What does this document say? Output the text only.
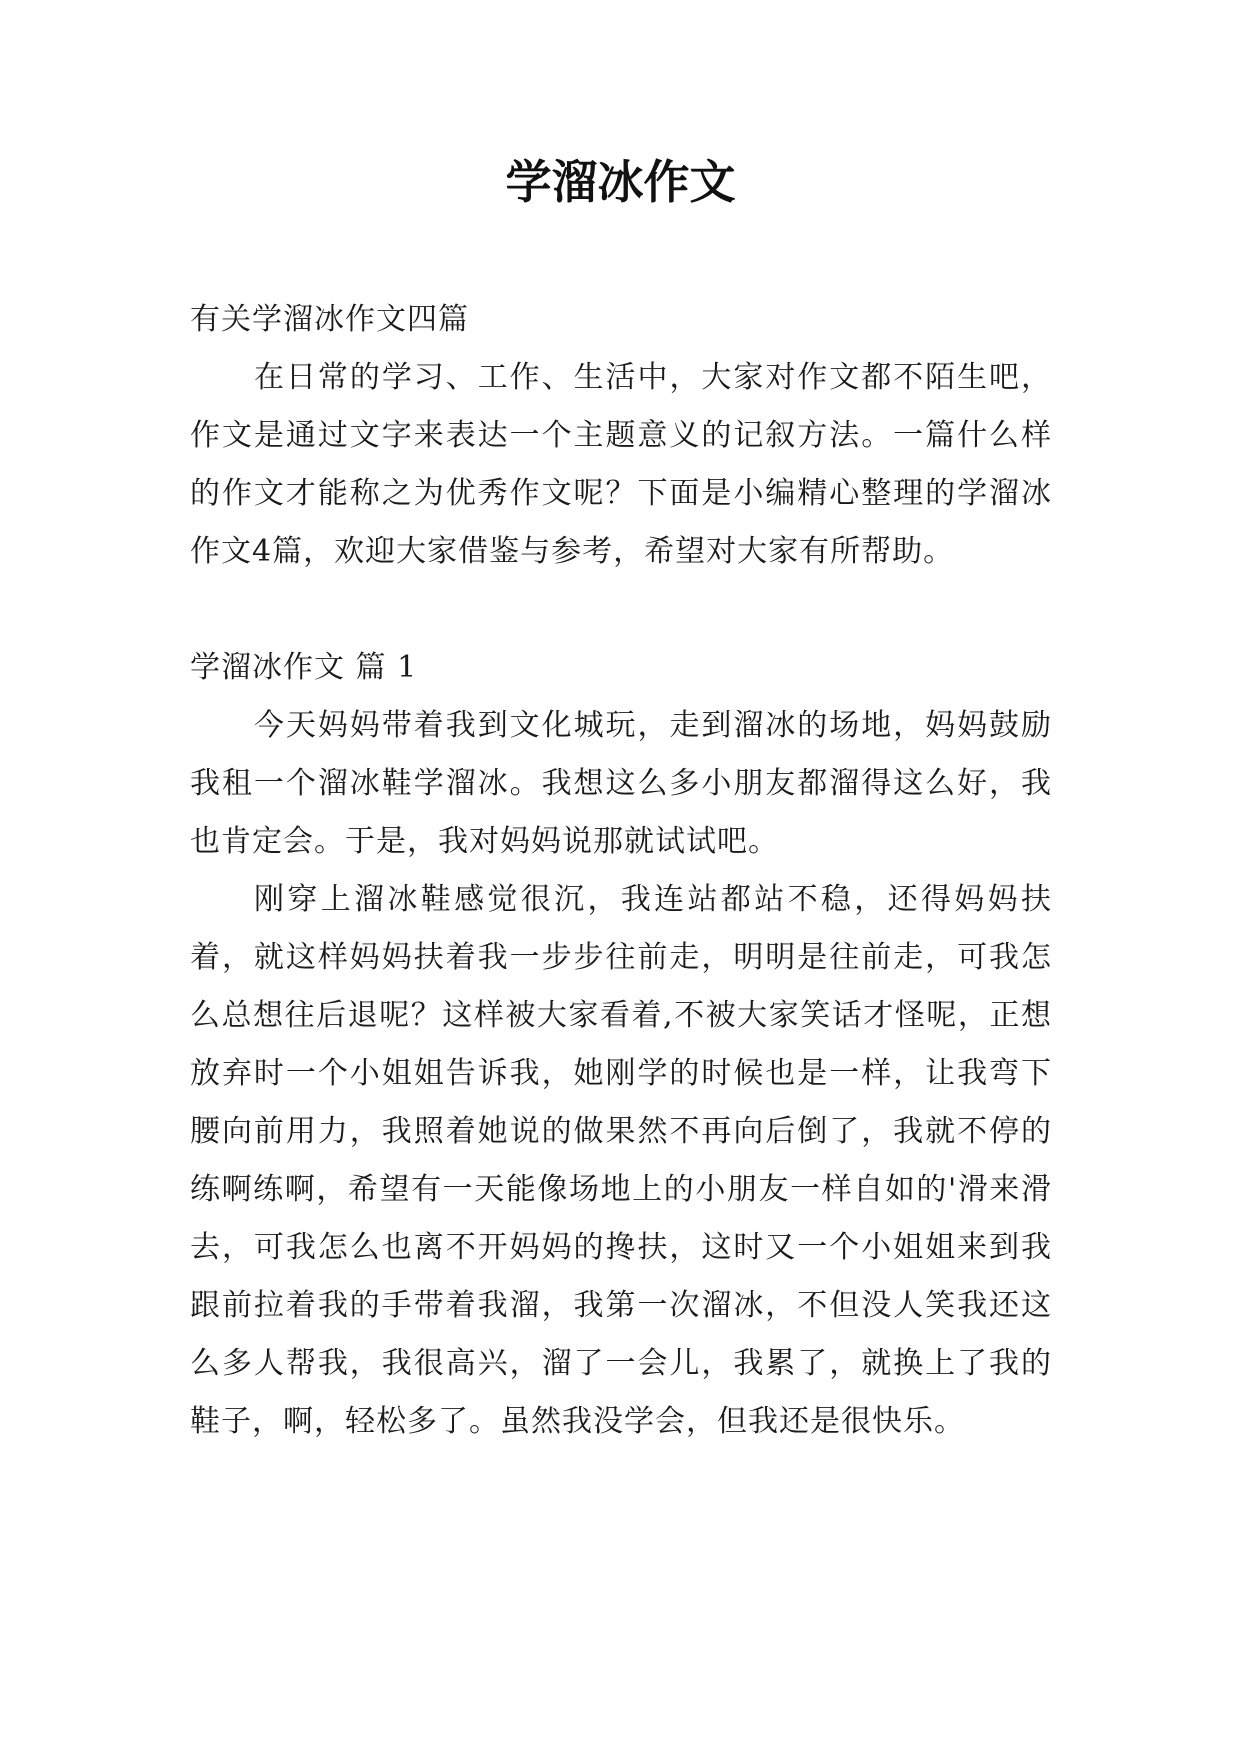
学溜冰作文

有关学溜冰作文四篇

在日常的学习、工作、生活中，大家对作文都不陌生吧，作文是通过文字来表达一个主题意义的记叙方法。一篇什么样的作文才能称之为优秀作文呢？下面是小编精心整理的学溜冰作文4篇，欢迎大家借鉴与参考，希望对大家有所帮助。

学溜冰作文 篇 1

今天妈妈带着我到文化城玩，走到溜冰的场地，妈妈鼓励我租一个溜冰鞋学溜冰。我想这么多小朋友都溜得这么好，我也肯定会。于是，我对妈妈说那就试试吧。

刚穿上溜冰鞋感觉很沉，我连站都站不稳，还得妈妈扶着，就这样妈妈扶着我一步步往前走，明明是往前走，可我怎么总想往后退呢？这样被大家看着,不被大家笑话才怪呢，正想放弃时一个小姐姐告诉我，她刚学的时候也是一样，让我弯下腰向前用力，我照着她说的做果然不再向后倒了，我就不停的练啊练啊，希望有一天能像场地上的小朋友一样自如的'滑来滑去，可我怎么也离不开妈妈的搀扶，这时又一个小姐姐来到我跟前拉着我的手带着我溜，我第一次溜冰，不但没人笑我还这么多人帮我，我很高兴，溜了一会儿，我累了，就换上了我的鞋子，啊，轻松多了。虽然我没学会，但我还是很快乐。
